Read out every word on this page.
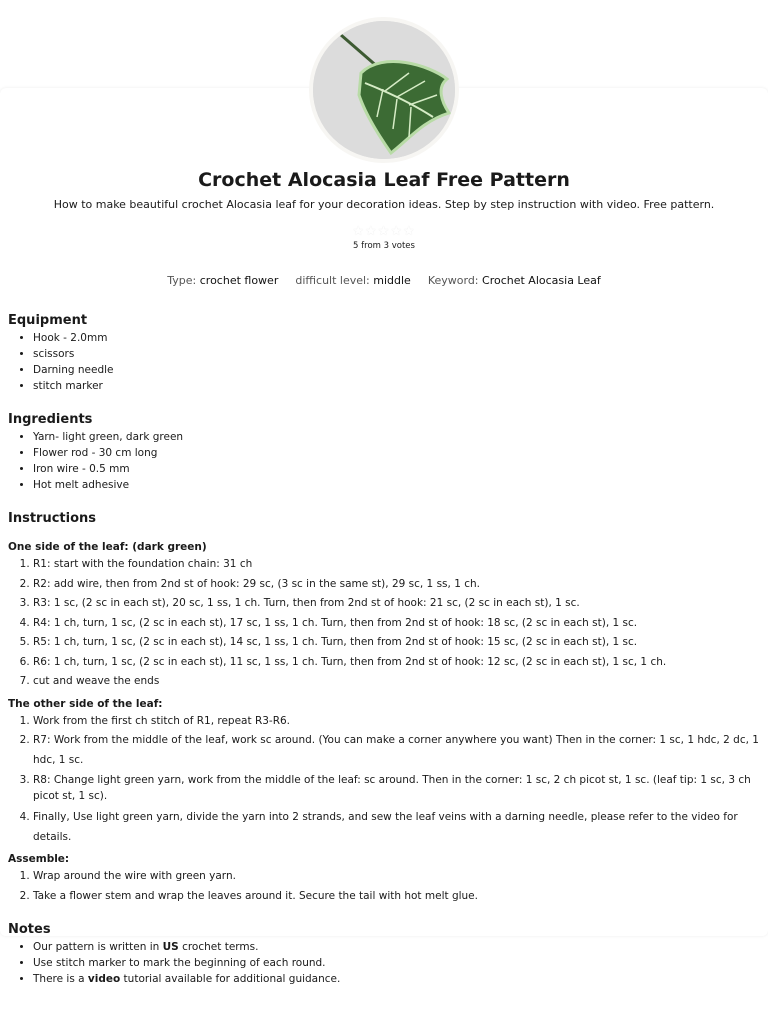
Crochet Alocasia Leaf Free Pattern

How to make beautiful crochet Alocasia leaf for your decoration ideas. Step by step instruction with video. Free pattern.

★★★★★
5 from 3 votes
Type: crochet flower difficult level: middle Keyword: Crochet Alocasia Leaf
Equipment
• Hook - 2.0mm
• scissors
• Darning needle
• stitch marker
Ingredients
• Yarn- light green, dark green
• Flower rod - 30 cm long
• Iron wire - 0.5 mm
• Hot melt adhesive
Instructions

One side of the leaf: (dark green)

1. R1: start with the foundation chain: 31 ch
2. R2: add wire, then from 2nd st of hook: 29 sc, (3 sc in the same st), 29 sc, 1 ss, 1 ch.
3. R3: 1 sc, (2 sc in each st), 20 sc, 1 ss, 1 ch. Turn, then from 2nd st of hook: 21 sc, (2 sc in each st), 1 sc.
4. R4: 1 ch, turn, 1 sc, (2 sc in each st), 17 sc, 1 ss, 1 ch. Turn, then from 2nd st of hook: 18 sc, (2 sc in each st), 1 sc.
5. R5: 1 ch, turn, 1 sc, (2 sc in each st), 14 sc, 1 ss, 1 ch. Turn, then from 2nd st of hook: 15 sc, (2 sc in each st), 1 sc.
6. R6: 1 ch, turn, 1 sc, (2 sc in each st), 11 sc, 1 ss, 1 ch. Turn, then from 2nd st of hook: 12 sc, (2 sc in each st), 1 sc, 1 ch.
7. cut and weave the ends

The other side of the leaf:

1. Work from the first ch stitch of R1, repeat R3-R6.
2. R7: Work from the middle of the leaf, work sc around. (You can make a corner anywhere you want) Then in the corner: 1 sc, 1 hdc, 2 dc, 1 hdc, 1 sc.
3. R8: Change light green yarn, work from the middle of the leaf: sc around. Then in the corner: 1 sc, 2 ch picot st, 1 sc. (leaf tip: 1 sc, 3 ch picot st, 1 sc).
4. Finally, Use light green yarn, divide the yarn into 2 strands, and sew the leaf veins with a darning needle, please refer to the video for details.

Assemble:

1. Wrap around the wire with green yarn.
2. Take a flower stem and wrap the leaves around it. Secure the tail with hot melt glue.
Notes
• Our pattern is written in US crochet terms.
• Use stitch marker to mark the beginning of each round.
• There is a video tutorial available for additional guidance.
